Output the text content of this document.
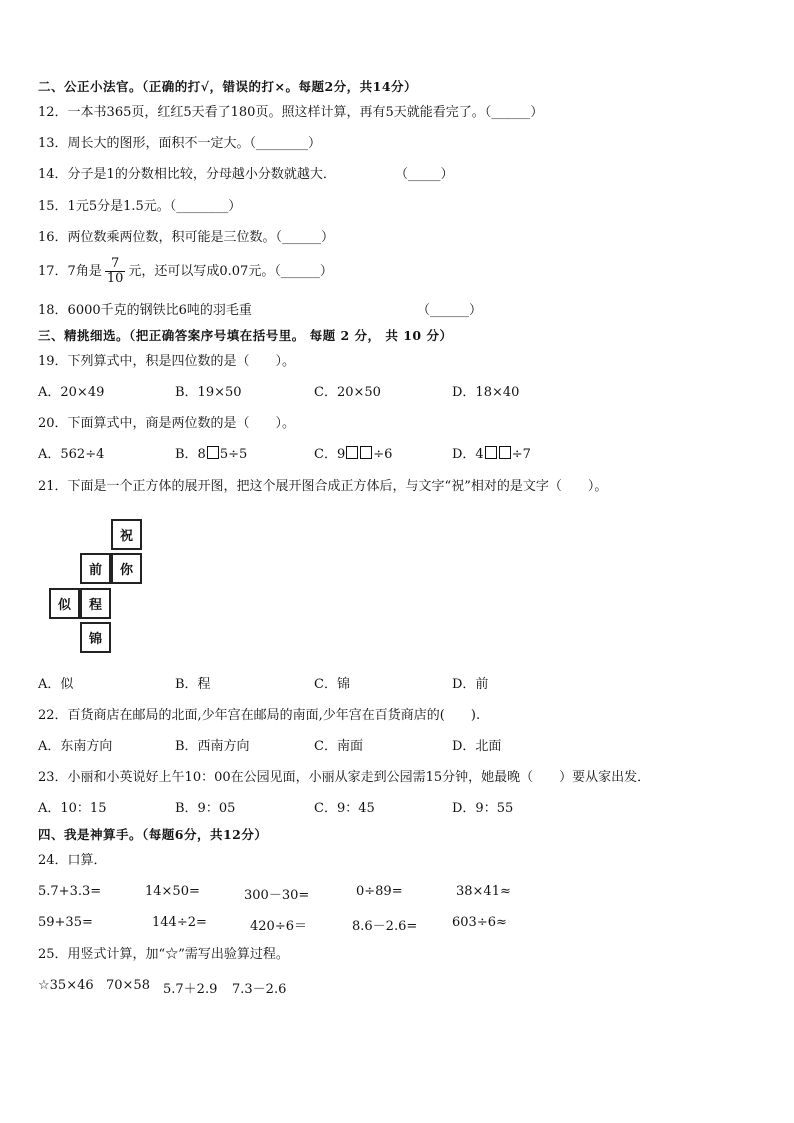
二、公正小法官。（正确的打√，错误的打×。每题2分，共14分）
12．一本书365页，红红5天看了180页。照这样计算，再有5天就能看完了。（______）
13．周长大的图形，面积不一定大。（________）
14．分子是1的分数相比较，分母越小分数就越大．	（_____）
15．1元5分是1.5元。（________）
16．两位数乘两位数，积可能是三位数。（______）
17．7角是 $\frac{7}{10}$ 元，还可以写成0.07元。（______）
18．6000千克的钢铁比6吨的羽毛重	（______）
三、精挑细选。（把正确答案序号填在括号里。 每题 2 分， 共 10 分）
19．下列算式中，积是四位数的是（　　）。
A．20×49	B．19×50	C．20×50	D．18×40
20．下面算式中，商是两位数的是（　　）。
A．562÷4	B．8 5÷5	C．9 ÷6	D．4 ÷7
21．下面是一个正方体的展开图，把这个展开图合成正方体后，与文字“祝”相对的是文字（　　）。
祝
前	你
似	程
锦
A．似	B．程	C．锦	D．前
22．百货商店在邮局的北面,少年宫在邮局的南面,少年宫在百货商店的(　　).
A．东南方向	B．西南方向	C．南面	D．北面
23．小丽和小英说好上午10：00在公园见面，小丽从家走到公园需15分钟，她最晚（　　）要从家出发．
A．10：15	B．9：05	C．9：45	D．9：55
四、我是神算手。（每题6分，共12分）
24．口算．
5.7+3.3=	14×50=	300－30=	0÷89=	38×41≈
59+35=	144÷2=	420÷6＝	8.6－2.6=	603÷6≈
25．用竖式计算，加“☆”需写出验算过程。
☆35×46 70×58 5.7＋2.9 7.3－2.6
